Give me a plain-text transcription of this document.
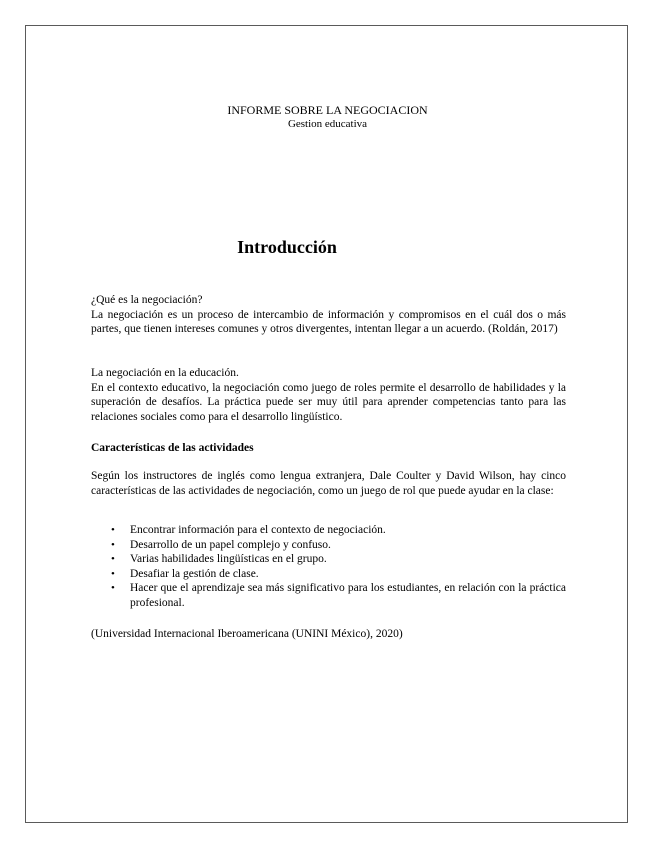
INFORME SOBRE LA NEGOCIACION
Gestion educativa
Introducción
¿Qué es la negociación?
La negociación es un proceso de intercambio de información y compromisos en el cuál dos o más partes, que tienen intereses comunes y otros divergentes, intentan llegar a un acuerdo. (Roldán, 2017)
La negociación en la educación.
En el contexto educativo, la negociación como juego de roles permite el desarrollo de habilidades y la superación de desafíos. La práctica puede ser muy útil para aprender competencias tanto para las relaciones sociales como para el desarrollo lingüístico.
Características de las actividades
Según los instructores de inglés como lengua extranjera, Dale Coulter y David Wilson, hay cinco características de las actividades de negociación, como un juego de rol que puede ayudar en la clase:
• Encontrar información para el contexto de negociación.
• Desarrollo de un papel complejo y confuso.
• Varias habilidades lingüísticas en el grupo.
• Desafiar la gestión de clase.
• Hacer que el aprendizaje sea más significativo para los estudiantes, en relación con la práctica profesional.
(Universidad Internacional Iberoamericana (UNINI México), 2020)
